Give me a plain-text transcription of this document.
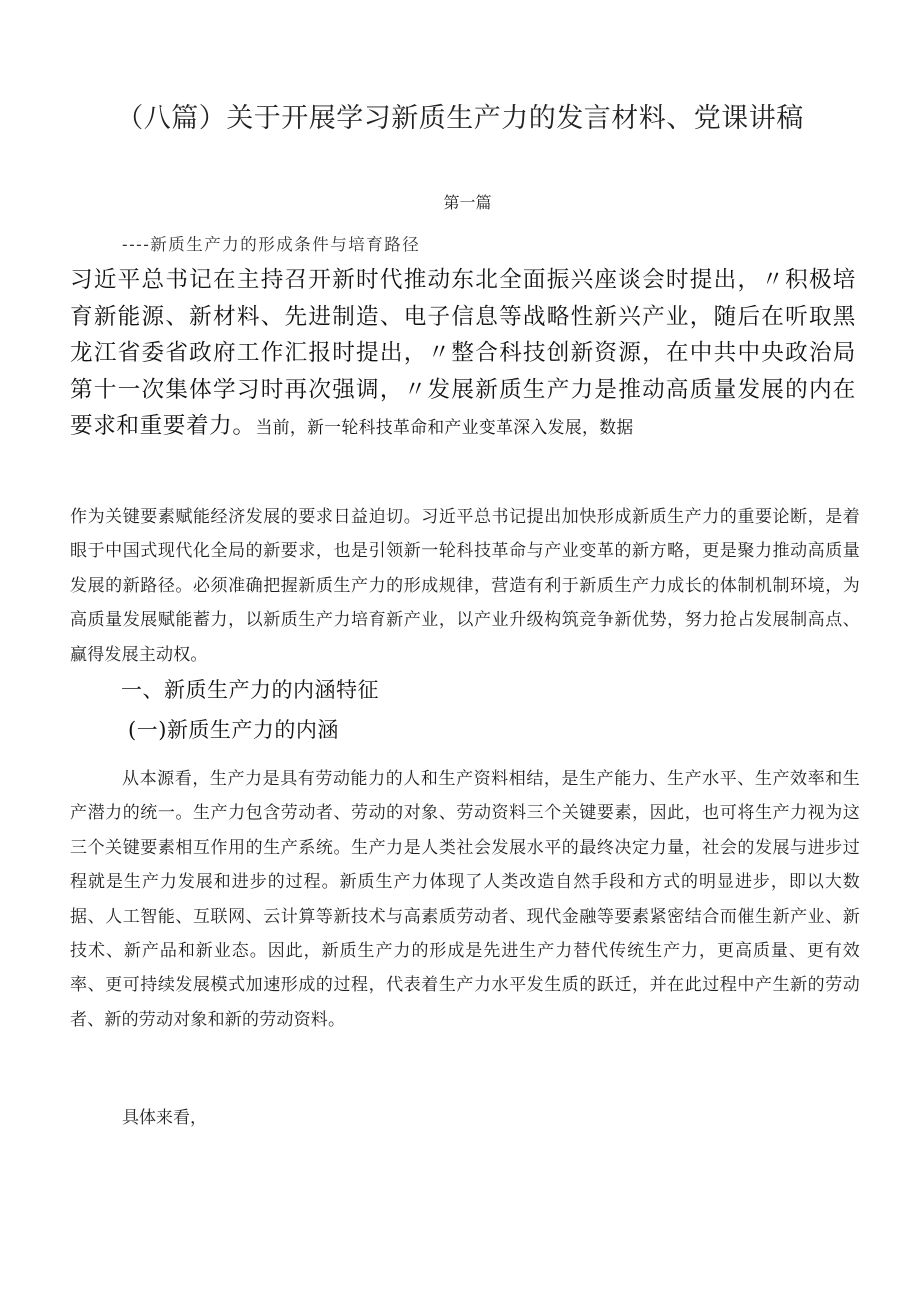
（八篇）关于开展学习新质生产力的发言材料、党课讲稿
第一篇
----新质生产力的形成条件与培育路径
习近平总书记在主持召开新时代推动东北全面振兴座谈会时提出，〃积极培育新能源、新材料、先进制造、电子信息等战略性新兴产业，随后在听取黑龙江省委省政府工作汇报时提出，〃整合科技创新资源，在中共中央政治局第十一次集体学习时再次强调，〃发展新质生产力是推动高质量发展的内在要求和重要着力。当前，新一轮科技革命和产业变革深入发展，数据
作为关键要素赋能经济发展的要求日益迫切。习近平总书记提出加快形成新质生产力的重要论断，是着眼于中国式现代化全局的新要求，也是引领新一轮科技革命与产业变革的新方略，更是聚力推动高质量发展的新路径。必须准确把握新质生产力的形成规律，营造有利于新质生产力成长的体制机制环境，为高质量发展赋能蓄力，以新质生产力培育新产业，以产业升级构筑竞争新优势，努力抢占发展制高点、赢得发展主动权。
一、新质生产力的内涵特征
(一)新质生产力的内涵
从本源看，生产力是具有劳动能力的人和生产资料相结，是生产能力、生产水平、生产效率和生产潜力的统一。生产力包含劳动者、劳动的对象、劳动资料三个关键要素，因此，也可将生产力视为这三个关键要素相互作用的生产系统。生产力是人类社会发展水平的最终决定力量，社会的发展与进步过程就是生产力发展和进步的过程。新质生产力体现了人类改造自然手段和方式的明显进步，即以大数据、人工智能、互联网、云计算等新技术与高素质劳动者、现代金融等要素紧密结合而催生新产业、新技术、新产品和新业态。因此，新质生产力的形成是先进生产力替代传统生产力，更高质量、更有效率、更可持续发展模式加速形成的过程，代表着生产力水平发生质的跃迁，并在此过程中产生新的劳动者、新的劳动对象和新的劳动资料。
具体来看，
